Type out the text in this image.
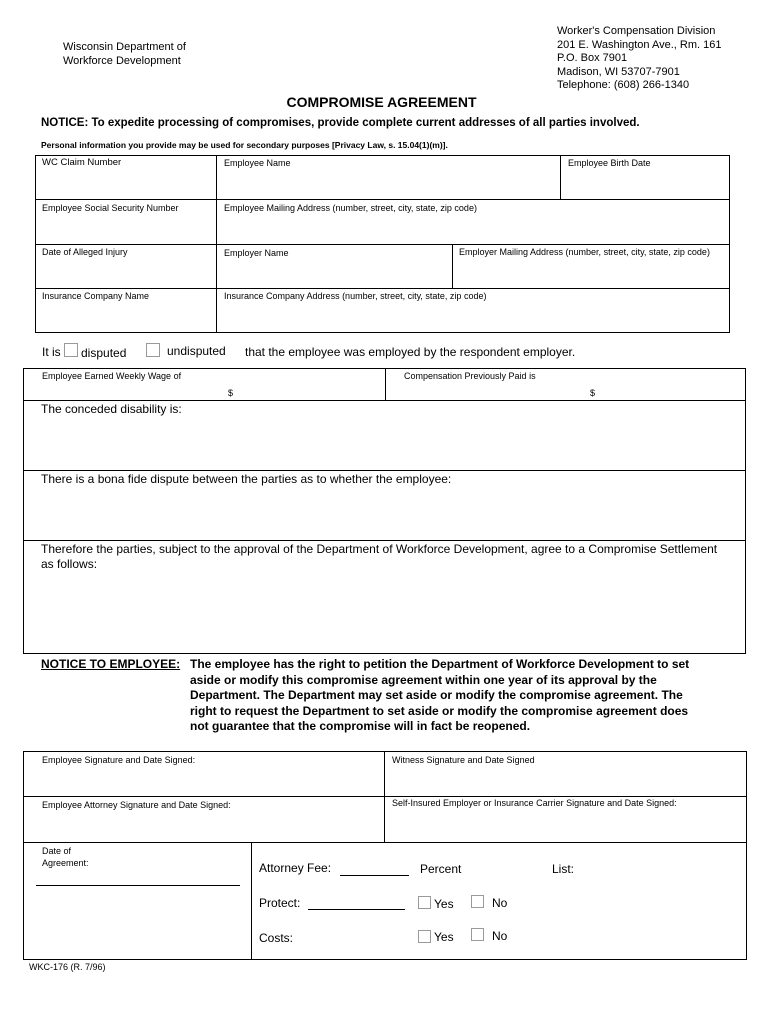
Wisconsin Department of
Workforce Development
Worker's Compensation Division
201 E. Washington Ave., Rm. 161
P.O. Box 7901
Madison, WI 53707-7901
Telephone: (608) 266-1340
COMPROMISE AGREEMENT
NOTICE: To expedite processing of compromises, provide complete current addresses of all parties involved.
Personal information you provide may be used for secondary purposes [Privacy Law, s. 15.04(1)(m)].
WC Claim Number	Employee Name	Employee Birth Date
Employee Social Security Number	Employee Mailing Address (number, street, city, state, zip code)
Date of Alleged Injury	Employer Name	Employer Mailing Address (number, street, city, state, zip code)
Insurance Company Name	Insurance Company Address (number, street, city, state, zip code)
It is disputed	undisputed that the employee was employed by the respondent employer.
Employee Earned Weekly Wage of
$
Compensation Previously Paid is
$
The conceded disability is:
There is a bona fide dispute between the parties as to whether the employee:
Therefore the parties, subject to the approval of the Department of Workforce Development, agree to a Compromise Settlement as follows:
NOTICE TO EMPLOYEE: The employee has the right to petition the Department of Workforce Development to set
aside or modify this compromise agreement within one year of its approval by the
Department. The Department may set aside or modify the compromise agreement. The
right to request the Department to set aside or modify the compromise agreement does
not guarantee that the compromise will in fact be reopened.
Employee Signature and Date Signed:	Witness Signature and Date Signed
Employee Attorney Signature and Date Signed:	Self-Insured Employer or Insurance Carrier Signature and Date Signed:
Date of Agreement:	Attorney Fee:	Percent	List:
Protect:	Yes	No
Costs:	Yes	No
WKC-176 (R. 7/96)
